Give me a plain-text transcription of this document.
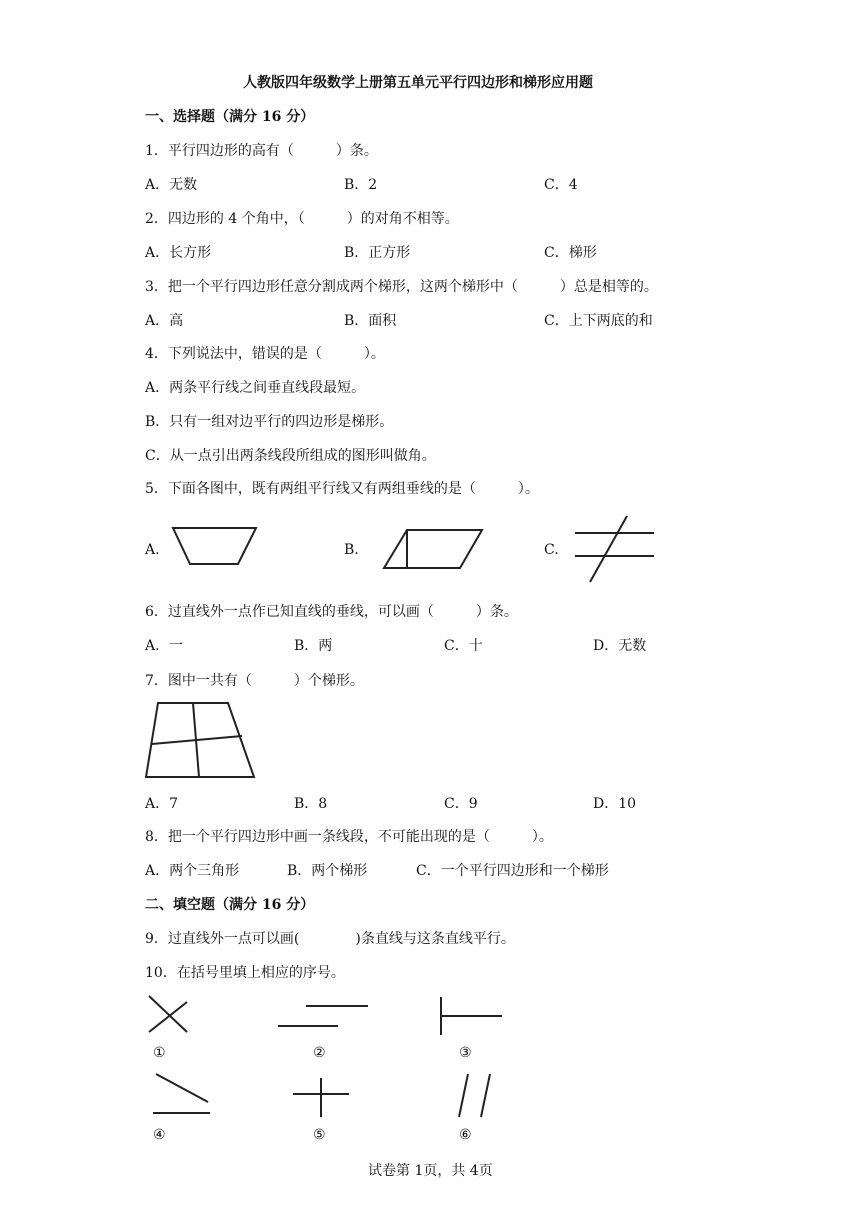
人教版四年级数学上册第五单元平行四边形和梯形应用题
一、选择题（满分 16 分）
1．平行四边形的高有（　　　）条。
A．无数	B．2	C．4
2．四边形的 4 个角中，（　　　）的对角不相等。
A．长方形	B．正方形	C．梯形
3．把一个平行四边形任意分割成两个梯形，这两个梯形中（　　　）总是相等的。
A．高	B．面积	C．上下两底的和
4．下列说法中，错误的是（　　　）。
A．两条平行线之间垂直线段最短。
B．只有一组对边平行的四边形是梯形。
C．从一点引出两条线段所组成的图形叫做角。
5．下面各图中，既有两组平行线又有两组垂线的是（　　　）。
A.	B.	C.
6．过直线外一点作已知直线的垂线，可以画（　　　）条。
A．一	B．两	C．十	D．无数
7．图中一共有（　　　）个梯形。
A．7	B．8	C．9	D．10
8．把一个平行四边形中画一条线段，不可能出现的是（　　　）。
A．两个三角形	B．两个梯形	C．一个平行四边形和一个梯形
二、填空题（满分 16 分）
9．过直线外一点可以画(　　　　)条直线与这条直线平行。
10．在括号里填上相应的序号。
①	②	③
④	⑤	⑥
试卷第 1页，共 4页
